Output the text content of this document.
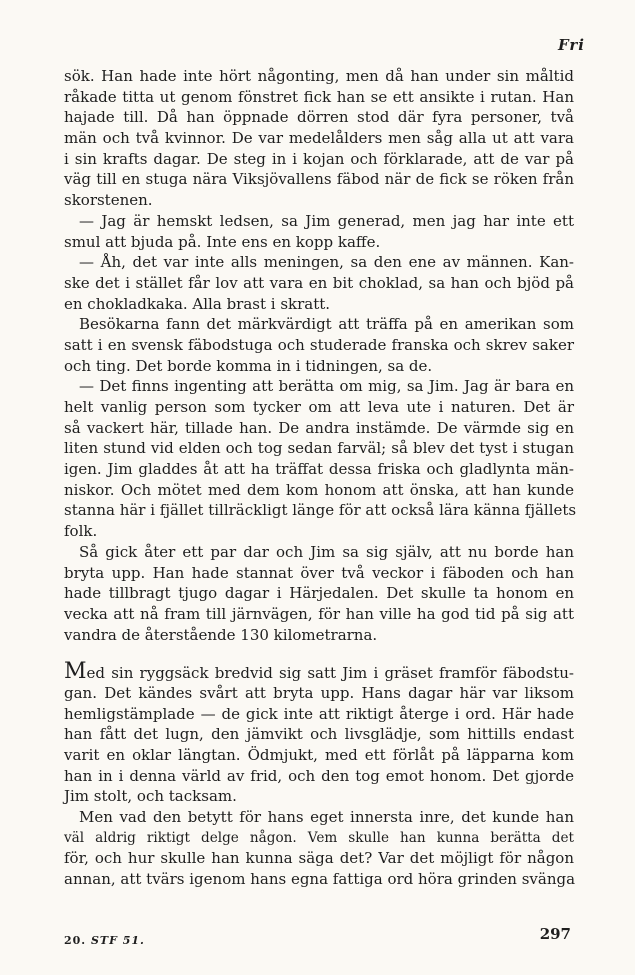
Fri
sök. Han hade inte hört någonting, men då han under sin måltid
råkade titta ut genom fönstret fick han se ett ansikte i rutan. Han
hajade till. Då han öppnade dörren stod där fyra personer, två
män och två kvinnor. De var medelålders men såg alla ut att vara
i sin krafts dagar. De steg in i kojan och förklarade, att de var på
väg till en stuga nära Viksjövallens fäbod när de fick se röken från
skorstenen.
— Jag är hemskt ledsen, sa Jim generad, men jag har inte ett
smul att bjuda på. Inte ens en kopp kaffe.
— Åh, det var inte alls meningen, sa den ene av männen. Kan-
ske det i stället får lov att vara en bit choklad, sa han och bjöd på
en chokladkaka. Alla brast i skratt.
Besökarna fann det märkvärdigt att träffa på en amerikan som
satt i en svensk fäbodstuga och studerade franska och skrev saker
och ting. Det borde komma in i tidningen, sa de.
— Det finns ingenting att berätta om mig, sa Jim. Jag är bara en
helt vanlig person som tycker om att leva ute i naturen. Det är
så vackert här, tillade han. De andra instämde. De värmde sig en
liten stund vid elden och tog sedan farväl; så blev det tyst i stugan
igen. Jim gladdes åt att ha träffat dessa friska och gladlynta män-
niskor. Och mötet med dem kom honom att önska, att han kunde
stanna här i fjället tillräckligt länge för att också lära känna fjällets
folk.
Så gick åter ett par dar och Jim sa sig själv, att nu borde han
bryta upp. Han hade stannat över två veckor i fäboden och han
hade tillbragt tjugo dagar i Härjedalen. Det skulle ta honom en
vecka att nå fram till järnvägen, för han ville ha god tid på sig att
vandra de återstående 130 kilometrarna.
Med sin ryggsäck bredvid sig satt Jim i gräset framför fäbodstu-
gan. Det kändes svårt att bryta upp. Hans dagar här var liksom
hemligstämplade — de gick inte att riktigt återge i ord. Här hade
han fått det lugn, den jämvikt och livsglädje, som hittills endast
varit en oklar längtan. Ödmjukt, med ett förlåt på läpparna kom
han in i denna värld av frid, och den tog emot honom. Det gjorde
Jim stolt, och tacksam.
Men vad den betytt för hans eget innersta inre, det kunde han
väl aldrig riktigt delge någon. Vem skulle han kunna berätta det
för, och hur skulle han kunna säga det? Var det möjligt för någon
annan, att tvärs igenom hans egna fattiga ord höra grinden svänga
20. STF 51.	297
